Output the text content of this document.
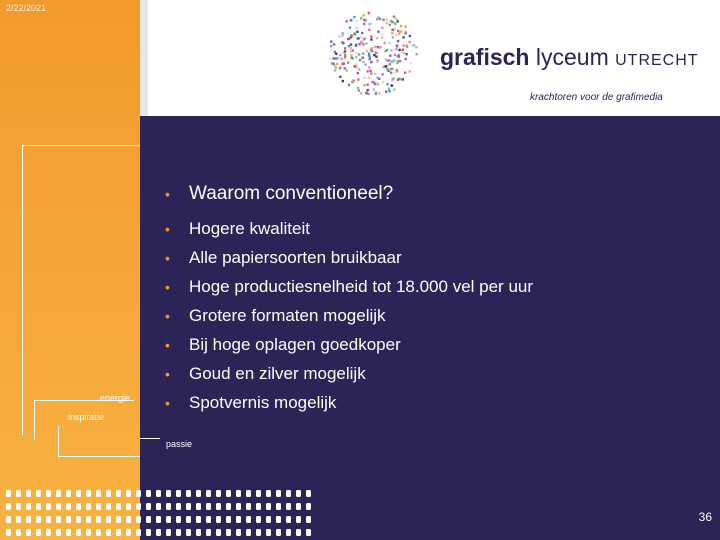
2/22/2021
grafisch lyceum UTRECHT
krachtoren voor de grafimedia
energie
inspiratie
passie
•	Waarom conventioneel?
•	Hogere kwaliteit
•	Alle papiersoorten bruikbaar
•	Hoge productiesnelheid tot 18.000 vel per uur
•	Grotere formaten mogelijk
•	Bij hoge oplagen goedkoper
•	Goud en zilver mogelijk
•	Spotvernis mogelijk
36
